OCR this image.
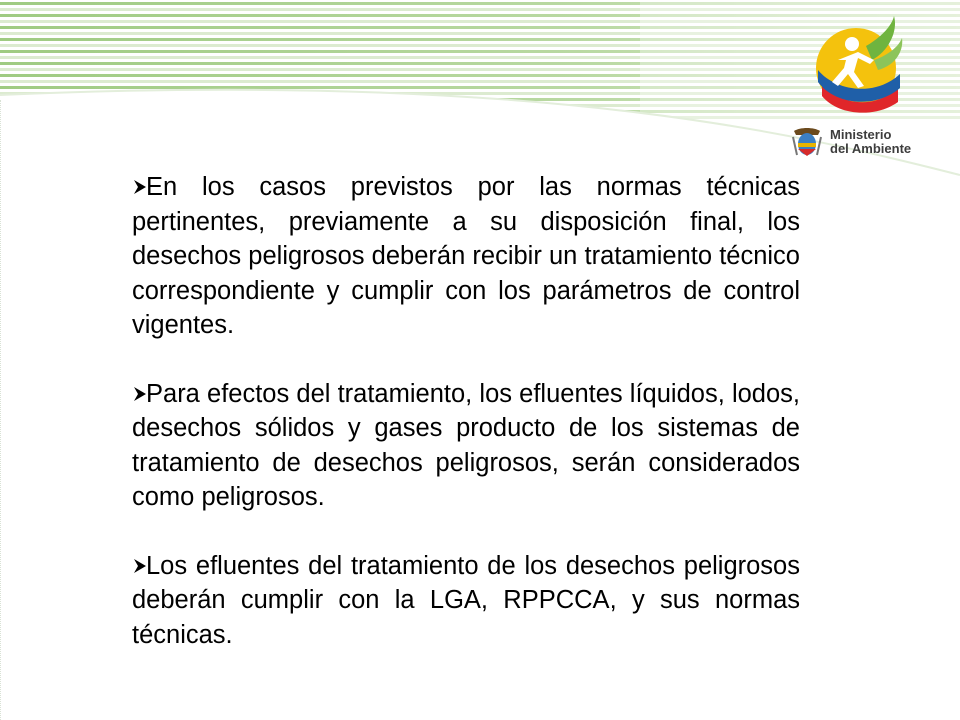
Ministerio
del Ambiente
En los casos previstos por las normas técnicas pertinentes, previamente a su disposición final, los desechos peligrosos deberán recibir un tratamiento técnico correspondiente y cumplir con los parámetros de control vigentes.
Para efectos del tratamiento, los efluentes líquidos, lodos, desechos sólidos y gases producto de los sistemas de tratamiento de desechos peligrosos, serán considerados como peligrosos.
Los efluentes del tratamiento de los desechos peligrosos deberán cumplir con la LGA, RPPCCA, y sus normas técnicas.
